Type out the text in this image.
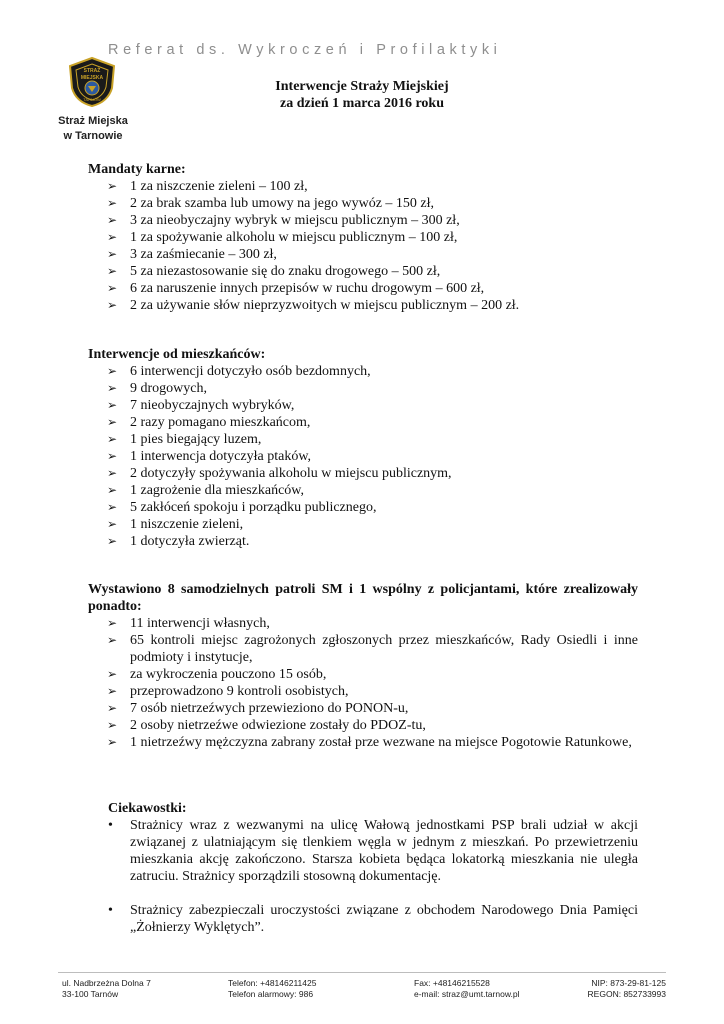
Referat ds. Wykroczeń i Profilaktyki
STRAŻ
MIEJSKA
TARNÓW
Straż Miejska
w Tarnowie
Interwencje Straży Miejskiej
za dzień 1 marca 2016 roku
Mandaty karne:
➢ 1 za niszczenie zieleni – 100 zł,
➢ 2 za brak szamba lub umowy na jego wywóz – 150 zł,
➢ 3 za nieobyczajny wybryk w miejscu publicznym – 300 zł,
➢ 1 za spożywanie alkoholu w miejscu publicznym – 100 zł,
➢ 3 za zaśmiecanie – 300 zł,
➢ 5 za niezastosowanie się do znaku drogowego – 500 zł,
➢ 6 za naruszenie innych przepisów w ruchu drogowym – 600 zł,
➢ 2 za używanie słów nieprzyzwoitych w miejscu publicznym – 200 zł.
Interwencje od mieszkańców:
➢ 6 interwencji dotyczyło osób bezdomnych,
➢ 9 drogowych,
➢ 7 nieobyczajnych wybryków,
➢ 2 razy pomagano mieszkańcom,
➢ 1 pies biegający luzem,
➢ 1 interwencja dotyczyła ptaków,
➢ 2 dotyczyły spożywania alkoholu w miejscu publicznym,
➢ 1 zagrożenie dla mieszkańców,
➢ 5 zakłóceń spokoju i porządku publicznego,
➢ 1 niszczenie zieleni,
➢ 1 dotyczyła zwierząt.
Wystawiono 8 samodzielnych patroli SM i 1 wspólny z policjantami, które zrealizowały ponadto:
➢ 11 interwencji własnych,
➢ 65 kontroli miejsc zagrożonych zgłoszonych przez mieszkańców, Rady Osiedli i inne podmioty i instytucje,
➢ za wykroczenia pouczono 15 osób,
➢ przeprowadzono 9 kontroli osobistych,
➢ 7 osób nietrzeźwych przewieziono do PONON-u,
➢ 2 osoby nietrzeźwe odwiezione zostały do PDOZ-tu,
➢ 1 nietrzeźwy mężczyzna zabrany został prze wezwane na miejsce Pogotowie Ratunkowe,
Ciekawostki:
• Strażnicy wraz z wezwanymi na ulicę Wałową jednostkami PSP brali udział w akcji związanej z ulatniającym się tlenkiem węgla w jednym z mieszkań. Po przewietrzeniu mieszkania akcję zakończono. Starsza kobieta będąca lokatorką mieszkania nie uległa zatruciu. Strażnicy sporządzili stosowną dokumentację.
• Strażnicy zabezpieczali uroczystości związane z obchodem Narodowego Dnia Pamięci „Żołnierzy Wyklętych”.
ul. Nadbrzeżna Dolna 7
33-100 Tarnów
Telefon: +48146211425
Telefon alarmowy: 986
Fax: +48146215528
e-mail: straz@umt.tarnow.pl
NIP: 873-29-81-125
REGON: 852733993
